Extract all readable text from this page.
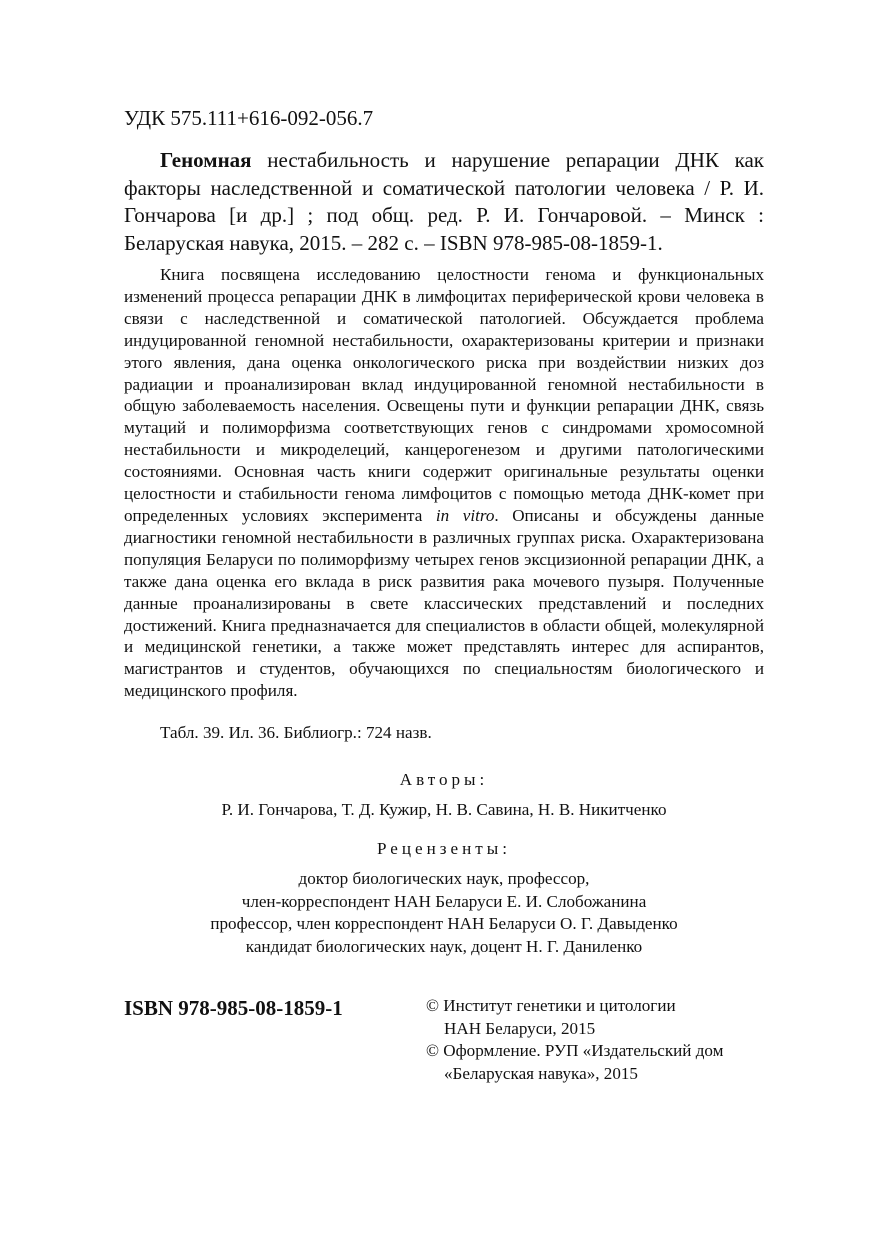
УДК 575.111+616-092-056.7

Геномная нестабильность и нарушение репарации ДНК как факторы наследственной и соматической патологии человека / Р. И. Гончарова [и др.] ; под общ. ред. Р. И. Гончаровой. – Минск : Беларуская навука, 2015. – 282 с. – ISBN 978-985-08-1859-1.

Книга посвящена исследованию целостности генома и функциональных изменений процесса репарации ДНК в лимфоцитах периферической крови человека в связи с наследственной и соматической патологией. Обсуждается проблема индуцированной геномной нестабильности, охарактеризованы критерии и признаки этого явления, дана оценка онкологического риска при воздействии низких доз радиации и проанализирован вклад индуцированной геномной нестабильности в общую заболеваемость населения. Освещены пути и функции репарации ДНК, связь мутаций и полиморфизма соответствующих генов с синдромами хромосомной нестабильности и микроделеций, канцерогенезом и другими патологическими состояниями. Основная часть книги содержит оригинальные результаты оценки целостности и стабильности генома лимфоцитов с помощью метода ДНК-комет при определенных условиях эксперимента in vitro. Описаны и обсуждены данные диагностики геномной нестабильности в различных группах риска. Охарактеризована популяция Беларуси по полиморфизму четырех генов эксцизионной репарации ДНК, а также дана оценка его вклада в риск развития рака мочевого пузыря. Полученные данные проанализированы в свете классических представлений и последних достижений. Книга предназначается для специалистов в области общей, молекулярной и медицинской генетики, а также может представлять интерес для аспирантов, магистрантов и студентов, обучающихся по специальностям биологического и медицинского профиля.

Табл. 39. Ил. 36. Библиогр.: 724 назв.
Авторы:
Р. И. Гончарова, Т. Д. Кужир, Н. В. Савина, Н. В. Никитченко
Рецензенты:
доктор биологических наук, профессор,
член-корреспондент НАН Беларуси Е. И. Слобожанина
профессор, член корреспондент НАН Беларуси О. Г. Давыденко
кандидат биологических наук, доцент Н. Г. Даниленко
ISBN 978-985-08-1859-1	© Институт генетики и цитологии
НАН Беларуси, 2015
© Оформление. РУП «Издательский дом
«Беларуская навука», 2015
